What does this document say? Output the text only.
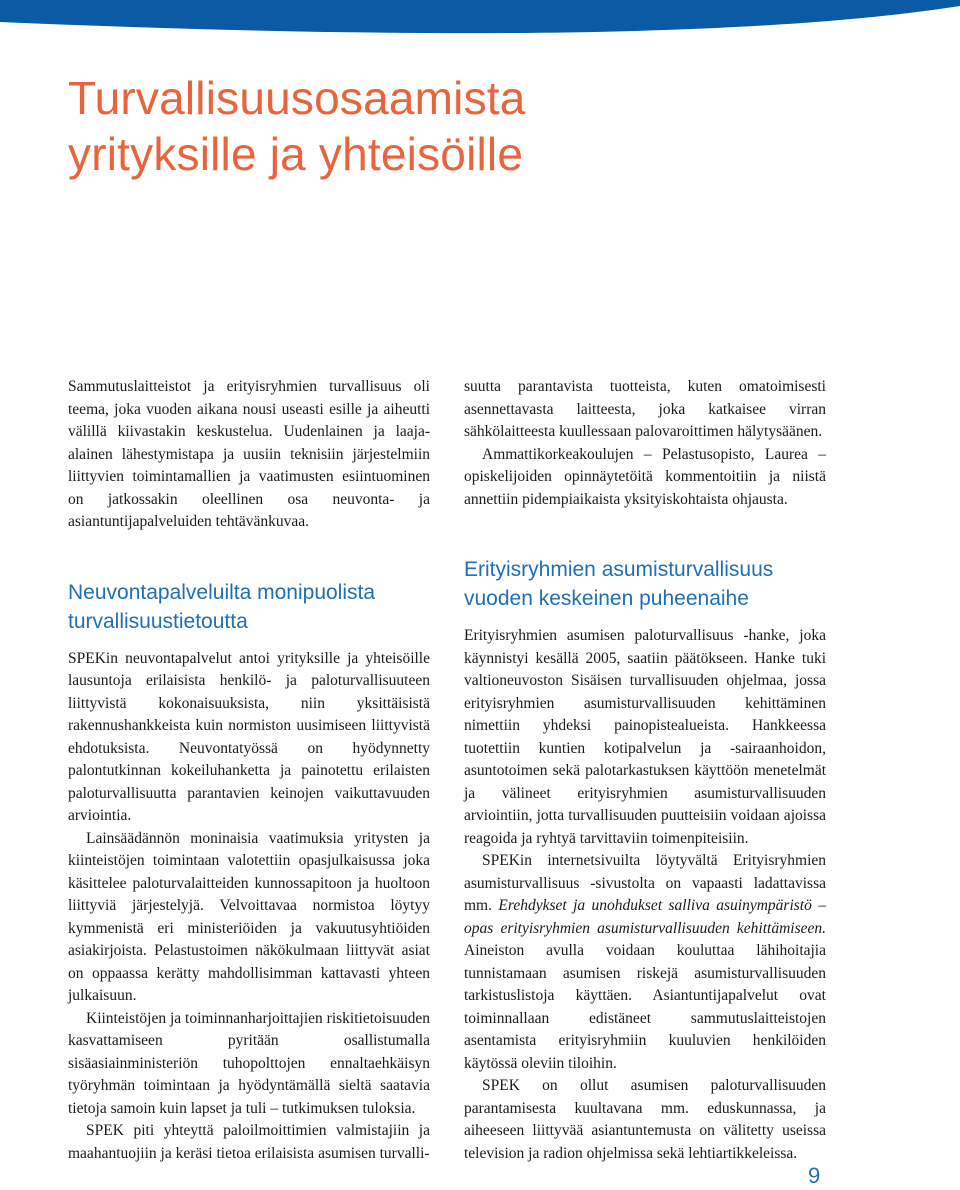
Turvallisuusosaamista
yrityksille ja yhteisöille

Sammutuslaitteistot ja erityisryhmien turvallisuus oli teema, joka vuoden aikana nousi useasti esille ja aiheutti välillä kiivastakin keskustelua. Uudenlainen ja laaja-alainen lähestymistapa ja uusiin teknisiin järjestelmiin liittyvien toimintamallien ja vaatimusten esiintuominen on jatkossakin oleellinen osa neuvonta- ja asiantuntijapalveluiden tehtävänkuvaa.

Neuvontapalveluilta monipuolista
turvallisuustietoutta

SPEKin neuvontapalvelut antoi yrityksille ja yhteisöille lausuntoja erilaisista henkilö- ja paloturvallisuuteen liittyvistä kokonaisuuksista, niin yksittäisistä rakennushankkeista kuin normiston uusimiseen liittyvistä ehdotuksista. Neuvontatyössä on hyödynnetty palontutkinnan kokeiluhanketta ja painotettu erilaisten paloturvallisuutta parantavien keinojen vaikuttavuuden arviointia.

Lainsäädännön moninaisia vaatimuksia yritysten ja kiinteistöjen toimintaan valotettiin opasjulkaisussa joka käsittelee paloturvalaitteiden kunnossapitoon ja huoltoon liittyviä järjestelyjä. Velvoittavaa normistoa löytyy kymmenistä eri ministeriöiden ja vakuutusyhtiöiden asiakirjoista. Pelastustoimen näkökulmaan liittyvät asiat on oppaassa kerätty mahdollisimman kattavasti yhteen julkaisuun.

Kiinteistöjen ja toiminnanharjoittajien riskitietoisuuden kasvattamiseen pyritään osallistumalla sisäasiainministeriön tuhopolttojen ennaltaehkäisyn työryhmän toimintaan ja hyödyntämällä sieltä saatavia tietoja samoin kuin lapset ja tuli – tutkimuksen tuloksia.

SPEK piti yhteyttä paloilmoittimien valmistajiin ja maahantuojiin ja keräsi tietoa erilaisista asumisen turvalli-

suutta parantavista tuotteista, kuten omatoimisesti asennettavasta laitteesta, joka katkaisee virran sähkölaitteesta kuullessaan palovaroittimen hälytysäänen.

Ammattikorkeakoulujen – Pelastusopisto, Laurea – opiskelijoiden opinnäytetöitä kommentoitiin ja niistä annettiin pidempiaikaista yksityiskohtaista ohjausta.

Erityisryhmien asumisturvallisuus
vuoden keskeinen puheenaihe

Erityisryhmien asumisen paloturvallisuus -hanke, joka käynnistyi kesällä 2005, saatiin päätökseen. Hanke tuki valtioneuvoston Sisäisen turvallisuuden ohjelmaa, jossa erityisryhmien asumisturvallisuuden kehittäminen nimettiin yhdeksi painopistealueista. Hankkeessa tuotettiin kuntien kotipalvelun ja -sairaanhoidon, asuntotoimen sekä palotarkastuksen käyttöön menetelmät ja välineet erityisryhmien asumisturvallisuuden arviointiin, jotta turvallisuuden puutteisiin voidaan ajoissa reagoida ja ryhtyä tarvittaviin toimenpiteisiin.

SPEKin internetsivuilta löytyvältä Erityisryhmien asumisturvallisuus -sivustolta on vapaasti ladattavissa mm. Erehdykset ja unohdukset salliva asuinympäristö – opas erityisryhmien asumisturvallisuuden kehittämiseen. Aineiston avulla voidaan kouluttaa lähihoitajia tunnistamaan asumisen riskejä asumisturvallisuuden tarkistuslistoja käyttäen. Asiantuntijapalvelut ovat toiminnallaan edistäneet sammutuslaitteistojen asentamista erityisryhmiin kuuluvien henkilöiden käytössä oleviin tiloihin.

SPEK on ollut asumisen paloturvallisuuden parantamisesta kuultavana mm. eduskunnassa, ja aiheeseen liittyvää asiantuntemusta on välitetty useissa television ja radion ohjelmissa sekä lehtiartikkeleissa.

9
